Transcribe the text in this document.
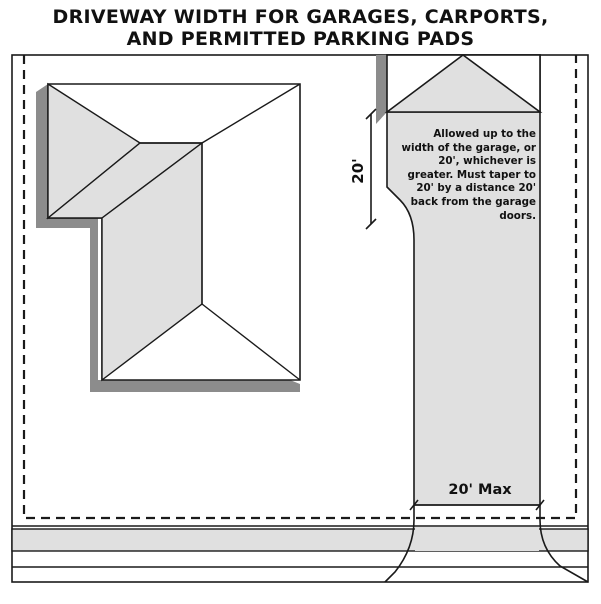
DRIVEWAY WIDTH FOR GARAGES, CARPORTS,
AND PERMITTED PARKING PADS
Allowed up to the width of the garage, or 20', whichever is greater. Must taper to 20' by a distance 20' back from the garage doors.
20'
20' Max
